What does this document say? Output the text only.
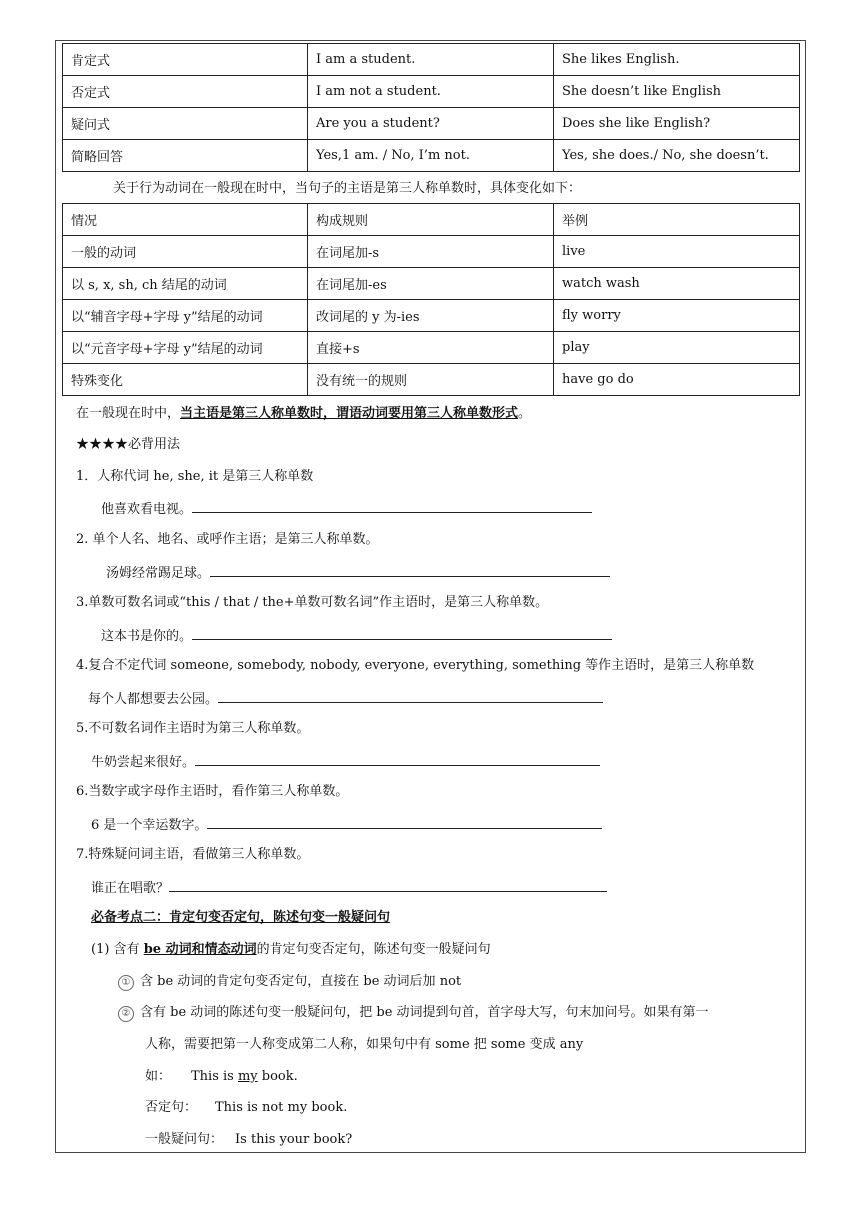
肯定式	I am a student.	She likes English.
否定式	I am not a student.	She doesn’t like English
疑问式	Are you a student?	Does she like English?
简略回答	Yes,1 am. / No, I’m not.	Yes, she does./ No, she doesn’t.
关于行为动词在一般现在时中，当句子的主语是第三人称单数时，具体变化如下：
情况	构成规则	举例
一般的动词	在词尾加-s	live
以 s, x, sh, ch 结尾的动词	在词尾加-es	watch wash
以“辅音字母+字母 y”结尾的动词	改词尾的 y 为-ies	fly worry
以“元音字母+字母 y”结尾的动词	直接+s	play
特殊变化	没有统一的规则	have go do
在一般现在时中，当主语是第三人称单数时，谓语动词要用第三人称单数形式。
★★★★必背用法
1．人称代词 he, she, it 是第三人称单数
他喜欢看电视。
2. 单个人名、地名、或呼作主语；是第三人称单数。
汤姆经常踢足球。
3.单数可数名词或“this / that / the+单数可数名词”作主语时，是第三人称单数。
这本书是你的。
4.复合不定代词 someone, somebody, nobody, everyone, everything, something 等作主语时，是第三人称单数
每个人都想要去公园。
5.不可数名词作主语时为第三人称单数。
牛奶尝起来很好。
6.当数字或字母作主语时，看作第三人称单数。
6 是一个幸运数字。
7.特殊疑问词主语，看做第三人称单数。
谁正在唱歌？
必备考点二：肯定句变否定句，陈述句变一般疑问句
(1) 含有 be 动词和情态动词的肯定句变否定句，陈述句变一般疑问句
① 含 be 动词的肯定句变否定句，直接在 be 动词后加 not
② 含有 be 动词的陈述句变一般疑问句，把 be 动词提到句首，首字母大写，句末加问号。如果有第一
人称，需要把第一人称变成第二人称，如果句中有 some 把 some 变成 any
如： This is my book.
否定句： This is not my book.
一般疑问句： Is this your book?
